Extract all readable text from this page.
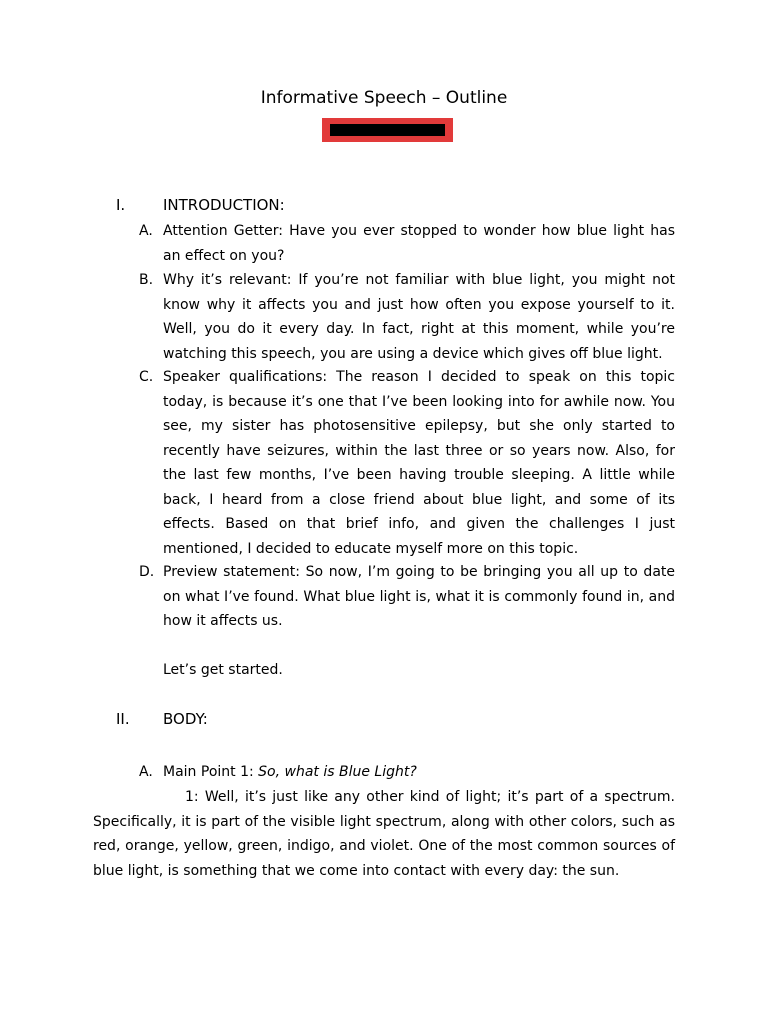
Informative Speech – Outline
I.	INTRODUCTION:
A. Attention Getter: Have you ever stopped to wonder how blue light has an effect on you?
B. Why it’s relevant: If you’re not familiar with blue light, you might not know why it affects you and just how often you expose yourself to it. Well, you do it every day. In fact, right at this moment, while you’re watching this speech, you are using a device which gives off blue light.
C. Speaker qualifications: The reason I decided to speak on this topic today, is because it’s one that I’ve been looking into for awhile now. You see, my sister has photosensitive epilepsy, but she only started to recently have seizures, within the last three or so years now. Also, for the last few months, I’ve been having trouble sleeping. A little while back, I heard from a close friend about blue light, and some of its effects. Based on that brief info, and given the challenges I just mentioned, I decided to educate myself more on this topic.
D. Preview statement: So now, I’m going to be bringing you all up to date on what I’ve found. What blue light is, what it is commonly found in, and how it affects us.
Let’s get started.
II. BODY:
A. Main Point 1: So, what is Blue Light?
1: Well, it’s just like any other kind of light; it’s part of a spectrum. Specifically, it is part of the visible light spectrum, along with other colors, such as red, orange, yellow, green, indigo, and violet. One of the most common sources of blue light, is something that we come into contact with every day: the sun.
